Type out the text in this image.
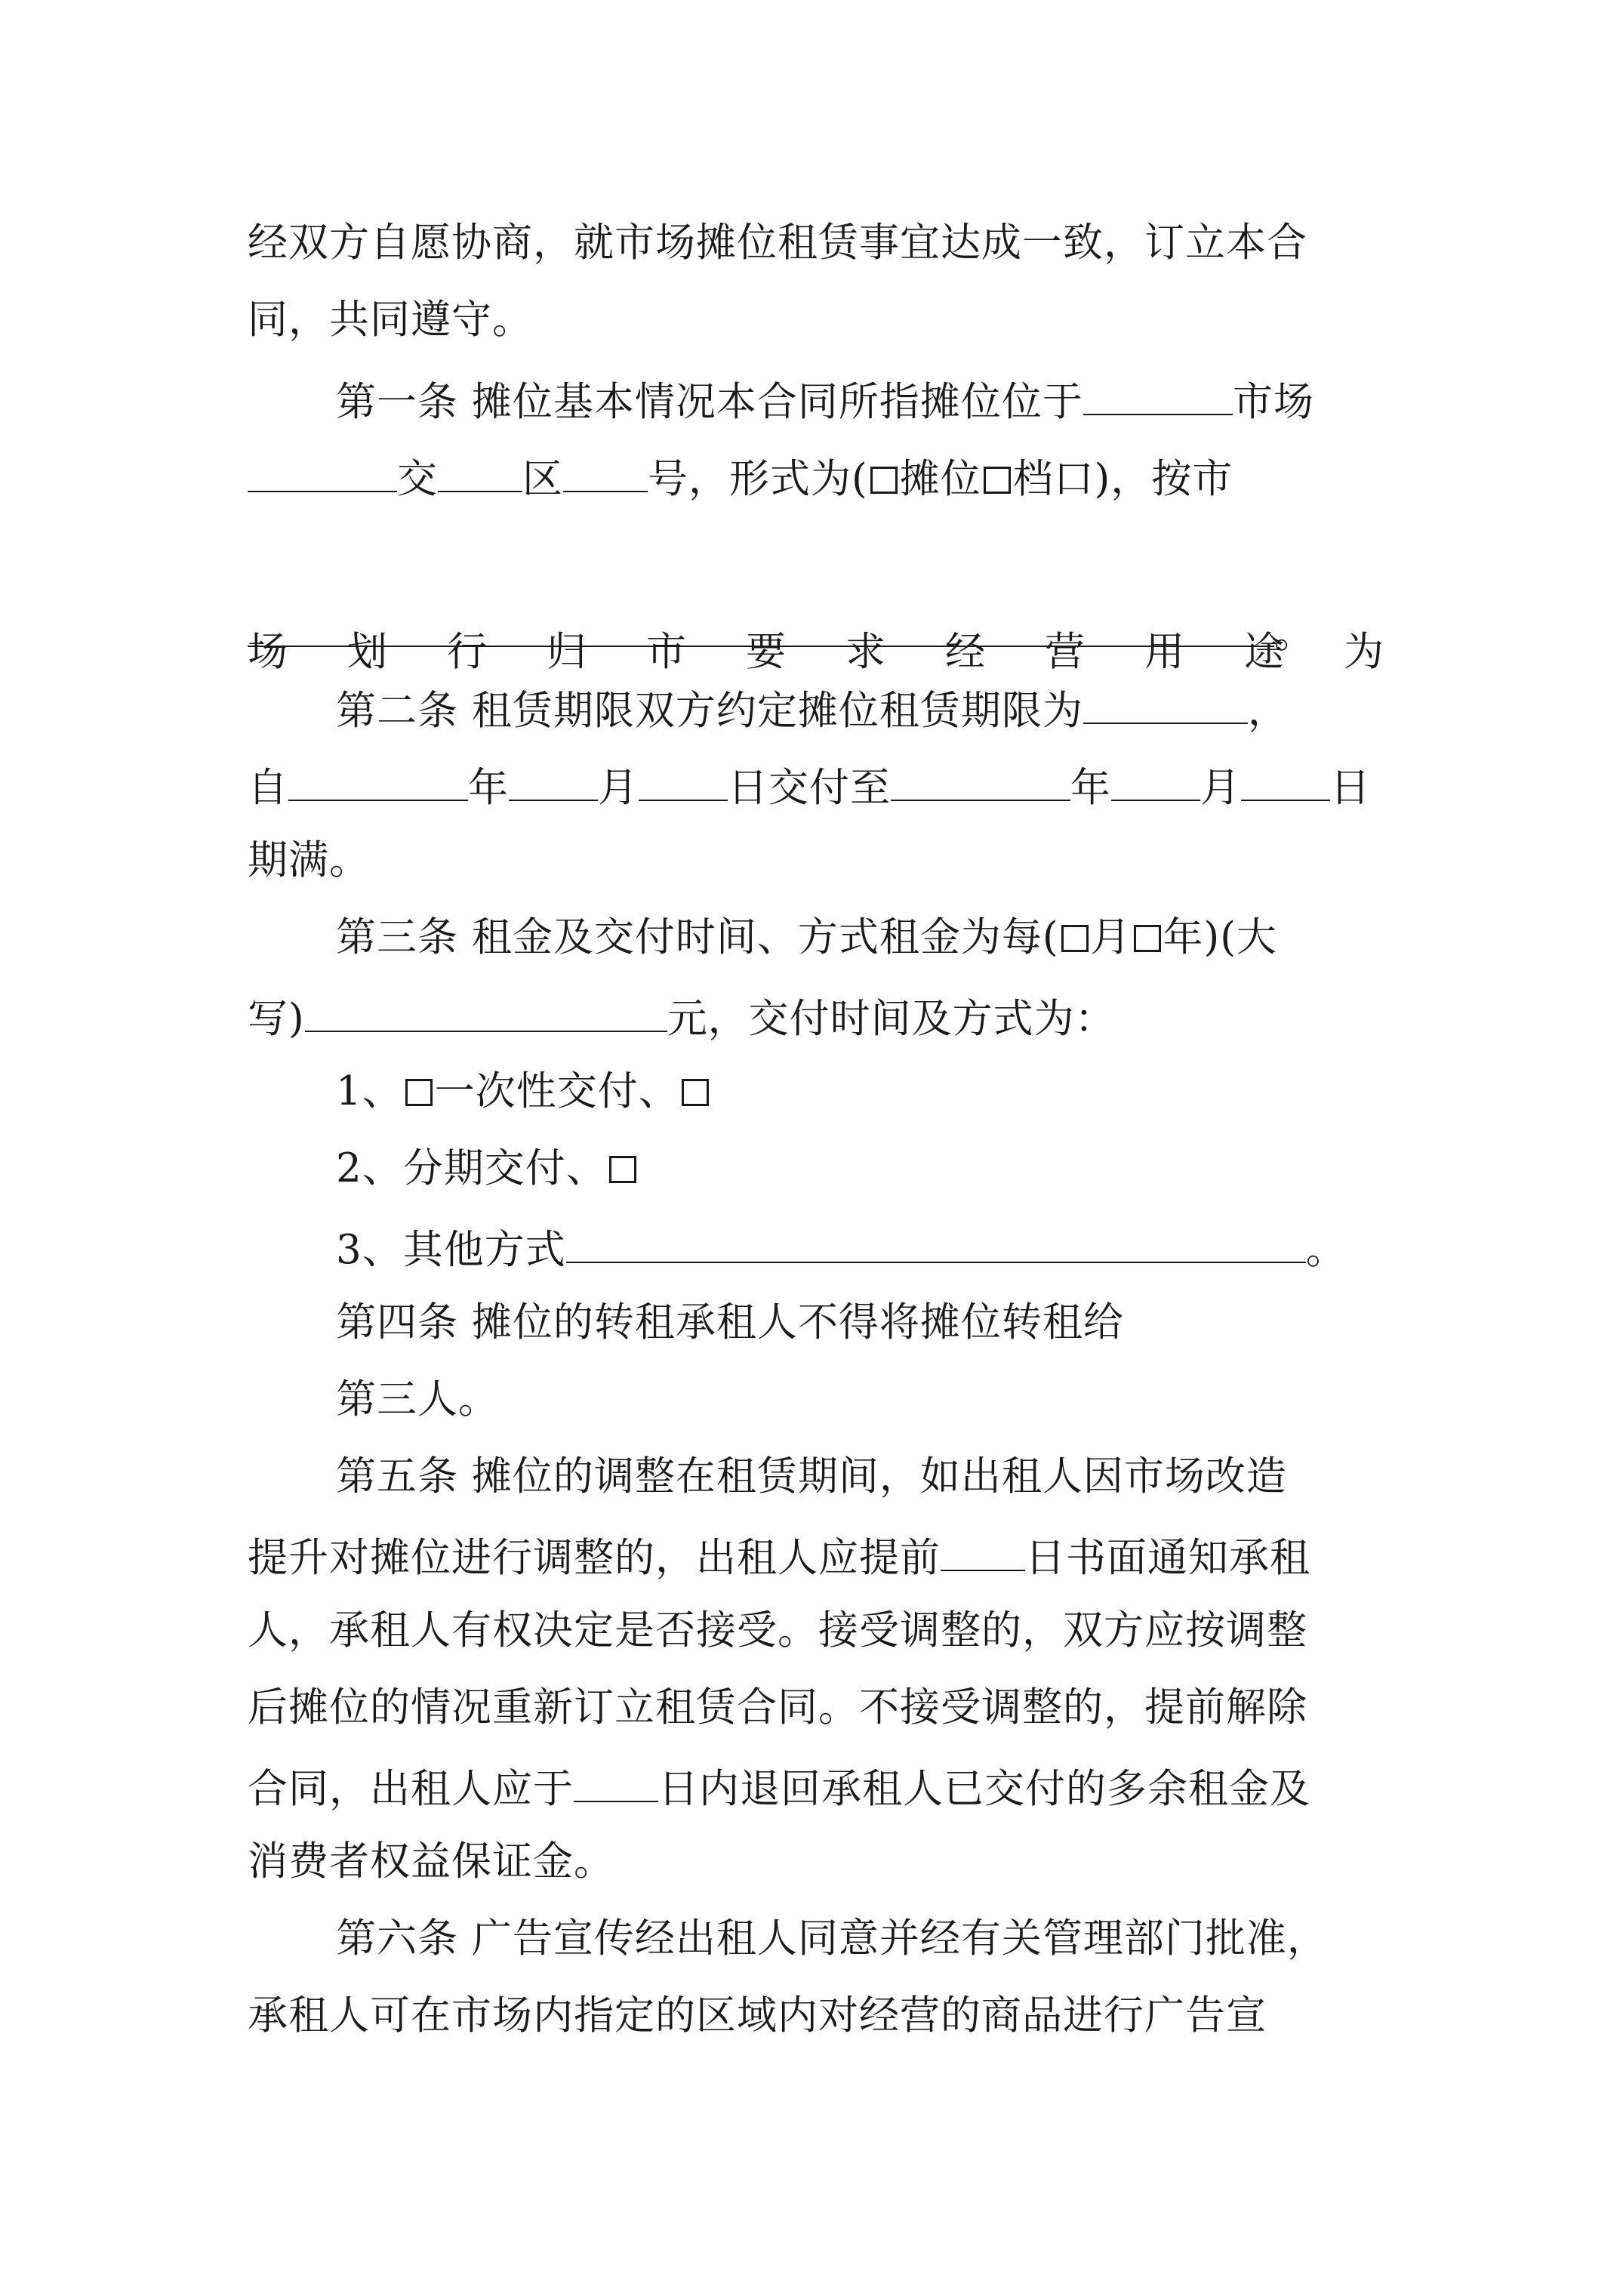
经双方自愿协商，就市场摊位租赁事宜达成一致，订立本合
同，共同遵守。
第一条 摊位基本情况本合同所指摊位位于	市场
交 区 号，形式为( 摊位 档口)，按市

场 划 行 归 市 要 求 经 营 用 途 为

。
第二条 租赁期限双方约定摊位租赁期限为	，
自	年 月 日交付至	年 月 日
期满。
第三条 租金及交付时间、方式租金为每( 月 年)(大
写)	元，交付时间及方式为：
1、 一次性交付、
2、分期交付、
3、其他方式	。
第四条 摊位的转租承租人不得将摊位转租给
第三人。
第五条 摊位的调整在租赁期间，如出租人因市场改造
提升对摊位进行调整的，出租人应提前 日书面通知承租
人，承租人有权决定是否接受。接受调整的，双方应按调整
后摊位的情况重新订立租赁合同。不接受调整的，提前解除
合同，出租人应于 日内退回承租人已交付的多余租金及
消费者权益保证金。
第六条 广告宣传经出租人同意并经有关管理部门批准，
承租人可在市场内指定的区域内对经营的商品进行广告宣
